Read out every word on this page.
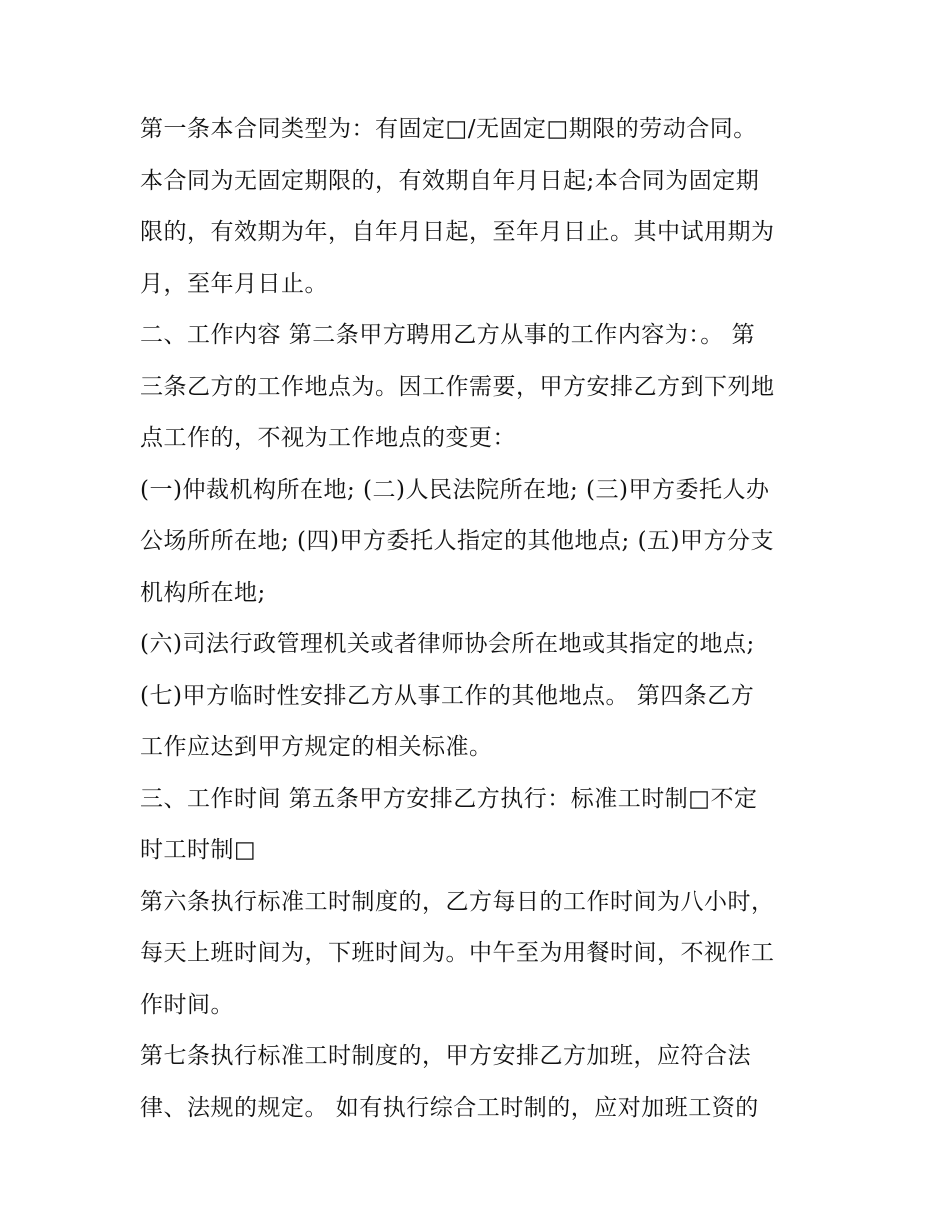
第一条本合同类型为：有固定□/无固定□期限的劳动合同。
本合同为无固定期限的，有效期自年月日起;本合同为固定期
限的，有效期为年，自年月日起，至年月日止。其中试用期为
月，至年月日止。
二、工作内容 第二条甲方聘用乙方从事的工作内容为：。 第
三条乙方的工作地点为。因工作需要，甲方安排乙方到下列地
点工作的，不视为工作地点的变更：
(一)仲裁机构所在地; (二)人民法院所在地; (三)甲方委托人办
公场所所在地; (四)甲方委托人指定的其他地点; (五)甲方分支
机构所在地;
(六)司法行政管理机关或者律师协会所在地或其指定的地点;
(七)甲方临时性安排乙方从事工作的其他地点。 第四条乙方
工作应达到甲方规定的相关标准。
三、工作时间 第五条甲方安排乙方执行：标准工时制□不定
时工时制□
第六条执行标准工时制度的，乙方每日的工作时间为八小时，
每天上班时间为，下班时间为。中午至为用餐时间，不视作工
作时间。
第七条执行标准工时制度的，甲方安排乙方加班，应符合法
律、法规的规定。 如有执行综合工时制的，应对加班工资的
